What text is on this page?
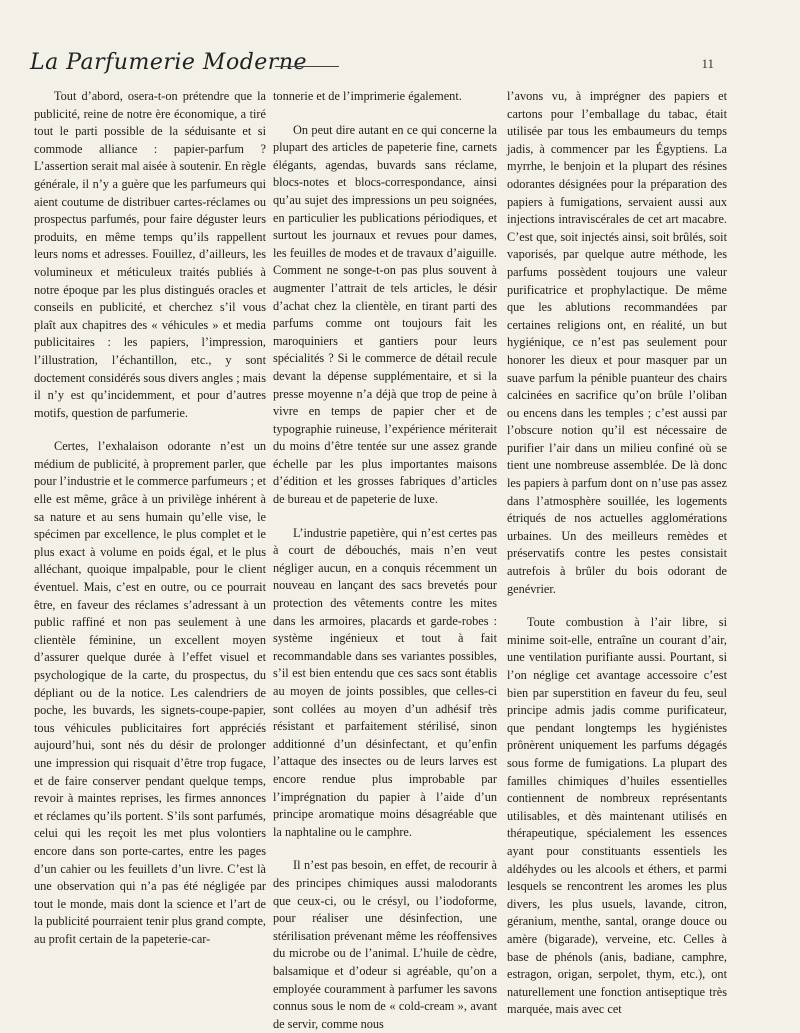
La Parfumerie Moderne	11

Tout d’abord, osera-t-on prétendre que la publicité, reine de notre ère économique, a tiré tout le parti possible de la séduisante et si commode alliance : papier-parfum ? L’assertion serait mal aisée à soutenir. En règle générale, il n’y a guère que les parfumeurs qui aient coutume de distribuer cartes-réclames ou prospectus parfumés, pour faire déguster leurs produits, en même temps qu’ils rappellent leurs noms et adresses. Fouillez, d’ailleurs, les volumineux et méticuleux traités publiés à notre époque par les plus distingués oracles et conseils en publicité, et cherchez s’il vous plaît aux chapitres des « véhicules » et media publicitaires : les papiers, l’impression, l’illustration, l’échantillon, etc., y sont doctement considérés sous divers angles ; mais il n’y est qu’incidemment, et pour d’autres motifs, question de parfumerie.

Certes, l’exhalaison odorante n’est un médium de publicité, à proprement parler, que pour l’industrie et le commerce parfumeurs ; et elle est même, grâce à un privilège inhérent à sa nature et au sens humain qu’elle vise, le spécimen par excellence, le plus complet et le plus exact à volume en poids égal, et le plus alléchant, quoique impalpable, pour le client éventuel. Mais, c’est en outre, ou ce pourrait être, en faveur des réclames s’adressant à un public raffiné et non pas seulement à une clientèle féminine, un excellent moyen d’assurer quelque durée à l’effet visuel et psychologique de la carte, du prospectus, du dépliant ou de la notice. Les calendriers de poche, les buvards, les signets-coupe-papier, tous véhicules publicitaires fort appréciés aujourd’hui, sont nés du désir de prolonger une impression qui risquait d’être trop fugace, et de faire conserver pendant quelque temps, revoir à maintes reprises, les firmes annonces et réclames qu’ils portent. S’ils sont parfumés, celui qui les reçoit les met plus volontiers encore dans son porte-cartes, entre les pages d’un cahier ou les feuillets d’un livre. C’est là une observation qui n’a pas été négligée par tout le monde, mais dont la science et l’art de la publicité pourraient tenir plus grand compte, au profit certain de la papeterie-car-

tonnerie et de l’imprimerie également.

On peut dire autant en ce qui concerne la plupart des articles de papeterie fine, carnets élégants, agendas, buvards sans réclame, blocs-notes et blocs-correspondance, ainsi qu’au sujet des impressions un peu soignées, en particulier les publications périodiques, et surtout les journaux et revues pour dames, les feuilles de modes et de travaux d’aiguille. Comment ne songe-t-on pas plus souvent à augmenter l’attrait de tels articles, le désir d’achat chez la clientèle, en tirant parti des parfums comme ont toujours fait les maroquiniers et gantiers pour leurs spécialités ? Si le commerce de détail recule devant la dépense supplémentaire, et si la presse moyenne n’a déjà que trop de peine à vivre en temps de papier cher et de typographie ruineuse, l’expérience mériterait du moins d’être tentée sur une assez grande échelle par les plus importantes maisons d’édition et les grosses fabriques d’articles de bureau et de papeterie de luxe.

L’industrie papetière, qui n’est certes pas à court de débouchés, mais n’en veut négliger aucun, en a conquis récemment un nouveau en lançant des sacs brevetés pour protection des vêtements contre les mites dans les armoires, placards et garde-robes : système ingénieux et tout à fait recommandable dans ses variantes possibles, s’il est bien entendu que ces sacs sont établis au moyen de joints possibles, que celles-ci sont collées au moyen d’un adhésif très résistant et parfaitement stérilisé, sinon additionné d’un désinfectant, et qu’enfin l’attaque des insectes ou de leurs larves est encore rendue plus improbable par l’imprégnation du papier à l’aide d’un principe aromatique moins désagréable que la naphtaline ou le camphre.

Il n’est pas besoin, en effet, de recourir à des principes chimiques aussi malodorants que ceux-ci, ou le crésyl, ou l’iodoforme, pour réaliser une désinfection, une stérilisation prévenant même les réoffensives du microbe ou de l’animal. L’huile de cèdre, balsamique et d’odeur si agréable, qu’on a employée couramment à parfumer les savons connus sous le nom de « cold-cream », avant de servir, comme nous

l’avons vu, à imprégner des papiers et cartons pour l’emballage du tabac, était utilisée par tous les embaumeurs du temps jadis, à commencer par les Égyptiens. La myrrhe, le benjoin et la plupart des résines odorantes désignées pour la préparation des papiers à fumigations, servaient aussi aux injections intraviscérales de cet art macabre. C’est que, soit injectés ainsi, soit brûlés, soit vaporisés, par quelque autre méthode, les parfums possèdent toujours une valeur purificatrice et prophylactique. De même que les ablutions recommandées par certaines religions ont, en réalité, un but hygiénique, ce n’est pas seulement pour honorer les dieux et pour masquer par un suave parfum la pénible puanteur des chairs calcinées en sacrifice qu’on brûle l’oliban ou encens dans les temples ; c’est aussi par l’obscure notion qu’il est nécessaire de purifier l’air dans un milieu confiné où se tient une nombreuse assemblée. De là donc les papiers à parfum dont on n’use pas assez dans l’atmosphère souillée, les logements étriqués de nos actuelles agglomérations urbaines. Un des meilleurs remèdes et préservatifs contre les pestes consistait autrefois à brûler du bois odorant de genévrier.

Toute combustion à l’air libre, si minime soit-elle, entraîne un courant d’air, une ventilation purifiante aussi. Pourtant, si l’on néglige cet avantage accessoire c’est bien par superstition en faveur du feu, seul principe admis jadis comme purificateur, que pendant longtemps les hygiénistes prônèrent uniquement les parfums dégagés sous forme de fumigations. La plupart des familles chimiques d’huiles essentielles contiennent de nombreux représentants utilisables, et dès maintenant utilisés en thérapeutique, spécialement les essences ayant pour constituants essentiels les aldéhydes ou les alcools et éthers, et parmi lesquels se rencontrent les aromes les plus divers, les plus usuels, lavande, citron, géranium, menthe, santal, orange douce ou amère (bigarade), verveine, etc. Celles à base de phénols (anis, badiane, camphre, estragon, origan, serpolet, thym, etc.), ont naturellement une fonction antiseptique très marquée, mais avec cet
